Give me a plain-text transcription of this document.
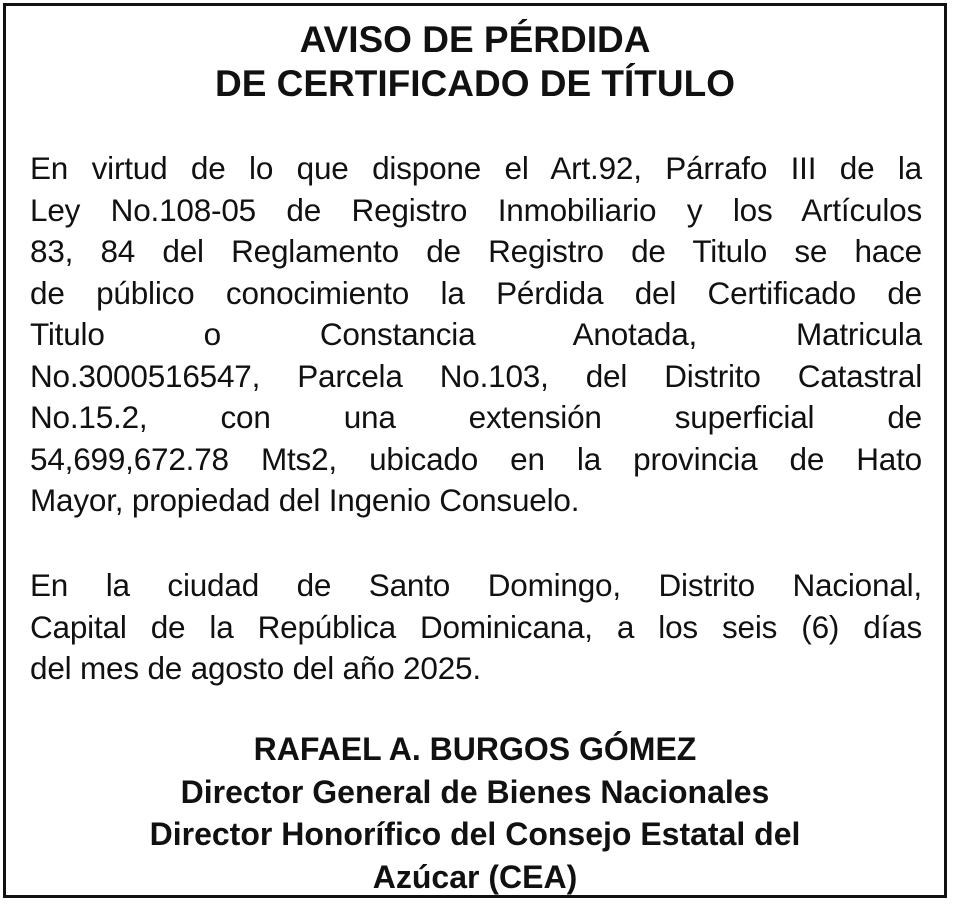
AVISO DE PÉRDIDA
DE CERTIFICADO DE TÍTULO
En virtud de lo que dispone el Art.92, Párrafo III de la
Ley No.108-05 de Registro Inmobiliario y los Artículos
83, 84 del Reglamento de Registro de Titulo se hace
de público conocimiento la Pérdida del Certificado de
Titulo o Constancia Anotada, Matricula
No.3000516547, Parcela No.103, del Distrito Catastral
No.15.2, con una extensión superficial de
54,699,672.78 Mts2, ubicado en la provincia de Hato
Mayor, propiedad del Ingenio Consuelo.
En la ciudad de Santo Domingo, Distrito Nacional,
Capital de la República Dominicana, a los seis (6) días
del mes de agosto del año 2025.
RAFAEL A. BURGOS GÓMEZ
Director General de Bienes Nacionales
Director Honorífico del Consejo Estatal del
Azúcar (CEA)
